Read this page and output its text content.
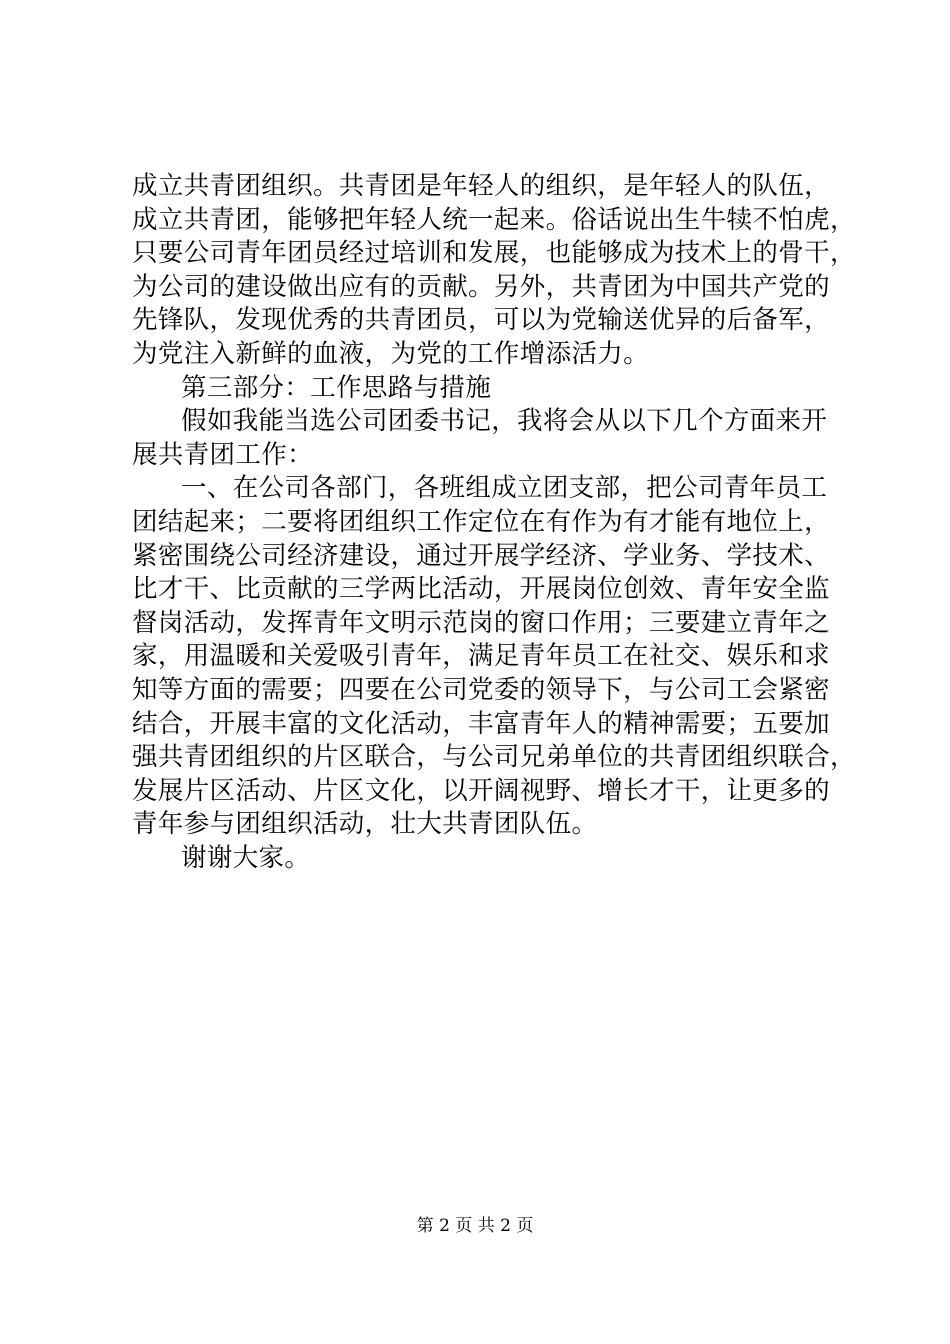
成立共青团组织。共青团是年轻人的组织，是年轻人的队伍，
成立共青团，能够把年轻人统一起来。俗话说出生牛犊不怕虎，
只要公司青年团员经过培训和发展，也能够成为技术上的骨干，
为公司的建设做出应有的贡献。另外，共青团为中国共产党的
先锋队，发现优秀的共青团员，可以为党输送优异的后备军，
为党注入新鲜的血液，为党的工作增添活力。
第三部分：工作思路与措施
假如我能当选公司团委书记，我将会从以下几个方面来开
展共青团工作：
一、在公司各部门，各班组成立团支部，把公司青年员工
团结起来；二要将团组织工作定位在有作为有才能有地位上，
紧密围绕公司经济建设，通过开展学经济、学业务、学技术、
比才干、比贡献的三学两比活动，开展岗位创效、青年安全监
督岗活动，发挥青年文明示范岗的窗口作用；三要建立青年之
家，用温暖和关爱吸引青年，满足青年员工在社交、娱乐和求
知等方面的需要；四要在公司党委的领导下，与公司工会紧密
结合，开展丰富的文化活动，丰富青年人的精神需要；五要加
强共青团组织的片区联合，与公司兄弟单位的共青团组织联合，
发展片区活动、片区文化，以开阔视野、增长才干，让更多的
青年参与团组织活动，壮大共青团队伍。
谢谢大家。
第 2 页 共 2 页
